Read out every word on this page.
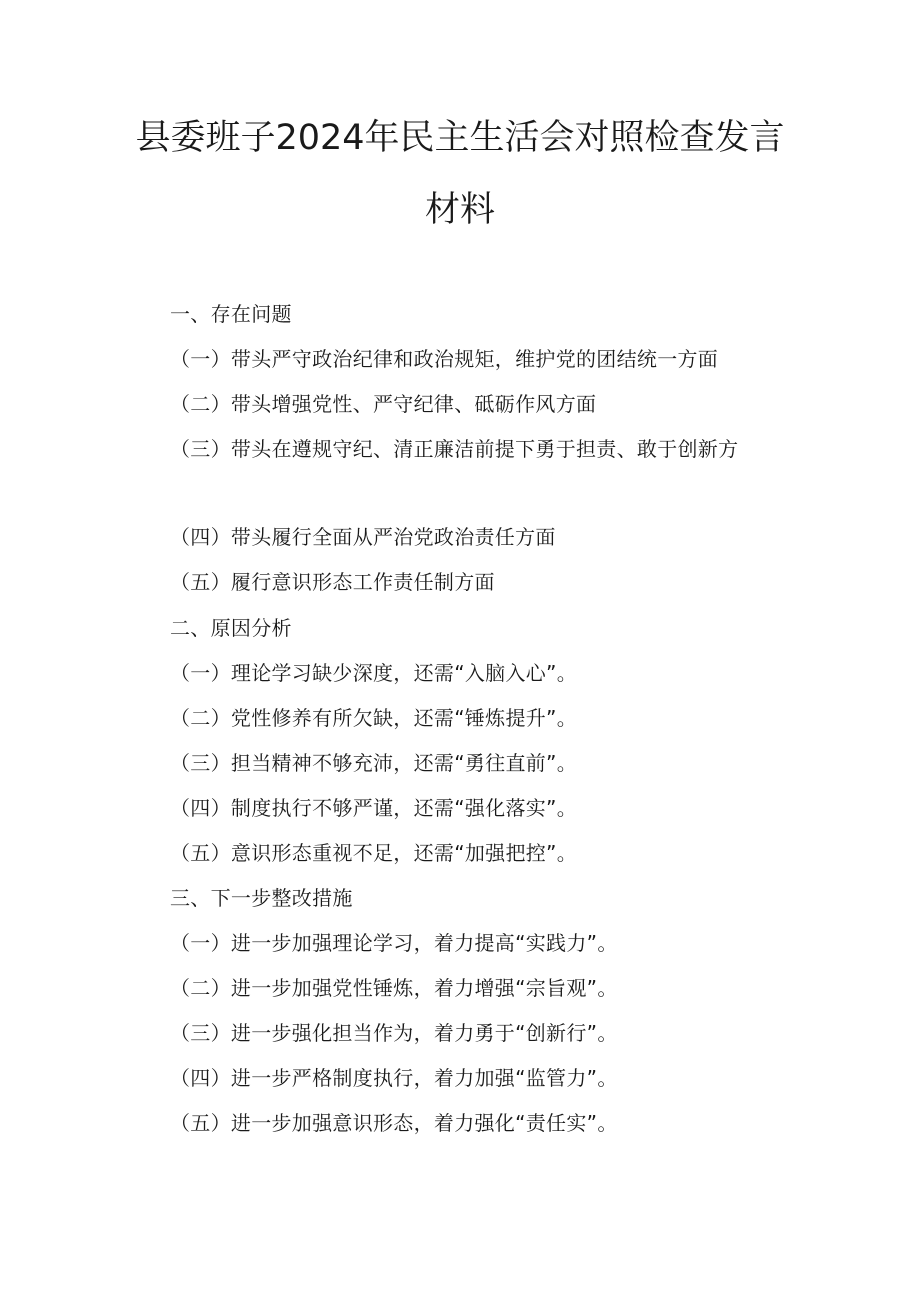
县委班子2024年民主生活会对照检查发言
材料
一、存在问题
（一）带头严守政治纪律和政治规矩，维护党的团结统一方面
（二）带头增强党性、严守纪律、砥砺作风方面
（三）带头在遵规守纪、清正廉洁前提下勇于担责、敢于创新方
（四）带头履行全面从严治党政治责任方面
（五）履行意识形态工作责任制方面
二、原因分析
（一）理论学习缺少深度，还需“入脑入心”。
（二）党性修养有所欠缺，还需“锤炼提升”。
（三）担当精神不够充沛，还需“勇往直前”。
（四）制度执行不够严谨，还需“强化落实”。
（五）意识形态重视不足，还需“加强把控”。
三、下一步整改措施
（一）进一步加强理论学习，着力提高“实践力”。
（二）进一步加强党性锤炼，着力增强“宗旨观”。
（三）进一步强化担当作为，着力勇于“创新行”。
（四）进一步严格制度执行，着力加强“监管力”。
（五）进一步加强意识形态，着力强化“责任实”。
